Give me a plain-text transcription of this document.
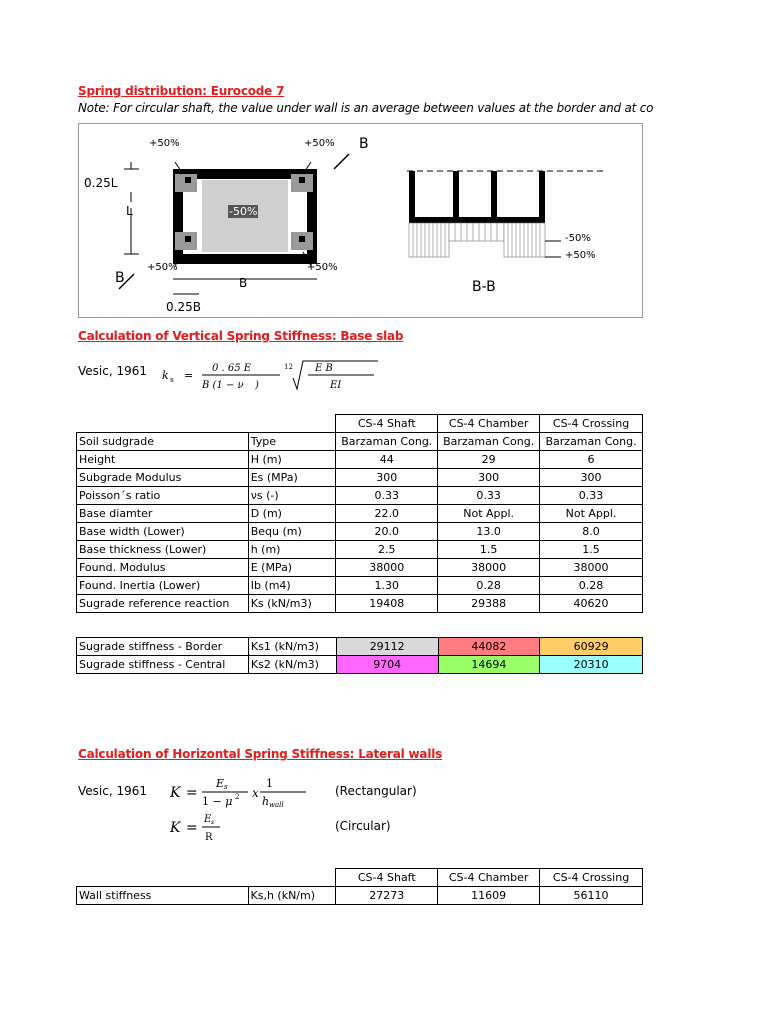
Spring distribution: Eurocode 7
Note: For circular shaft, the value under wall is an average between values at the border and at co
+50%	+50%
+50%	+50%
-50%
0.25L
L
B
0.25B
B
B
B-B
-50%
+50%
Calculation of Vertical Spring Stiffness: Base slab
Vesic, 1961 k s =
0 . 65 E
B (1 − ν )
12 E B
EI
		CS-4 Shaft	CS-4 Chamber	CS-4 Crossing
Soil sudgrade	Type	Barzaman Cong.	Barzaman Cong.	Barzaman Cong.
Height	H (m)	44	29	6
Subgrade Modulus	Es (MPa)	300	300	300
Poisson´s ratio	νs (-)	0.33	0.33	0.33
Base diamter	D (m)	22.0	Not Appl.	Not Appl.
Base width (Lower)	Bequ (m)	20.0	13.0	8.0
Base thickness (Lower)	h (m)	2.5	1.5	1.5
Found. Modulus	E (MPa)	38000	38000	38000
Found. Inertia (Lower)	Ib (m4)	1.30	0.28	0.28
Sugrade reference reaction	Ks (kN/m3)	19408	29388	40620
Sugrade stiffness - Border	Ks1 (kN/m3)	29112	44082	60929
Sugrade stiffness - Central	Ks2 (kN/m3)	9704	14694	20310
Calculation of Horizontal Spring Stiffness: Lateral walls
Vesic, 1961 K =
E s
1 − μ 2 x
1
h wall
(Rectangular)
K =
E s
R
(Circular)
		CS-4 Shaft	CS-4 Chamber	CS-4 Crossing
Wall stiffness	Ks,h (kN/m)	27273	11609	56110
